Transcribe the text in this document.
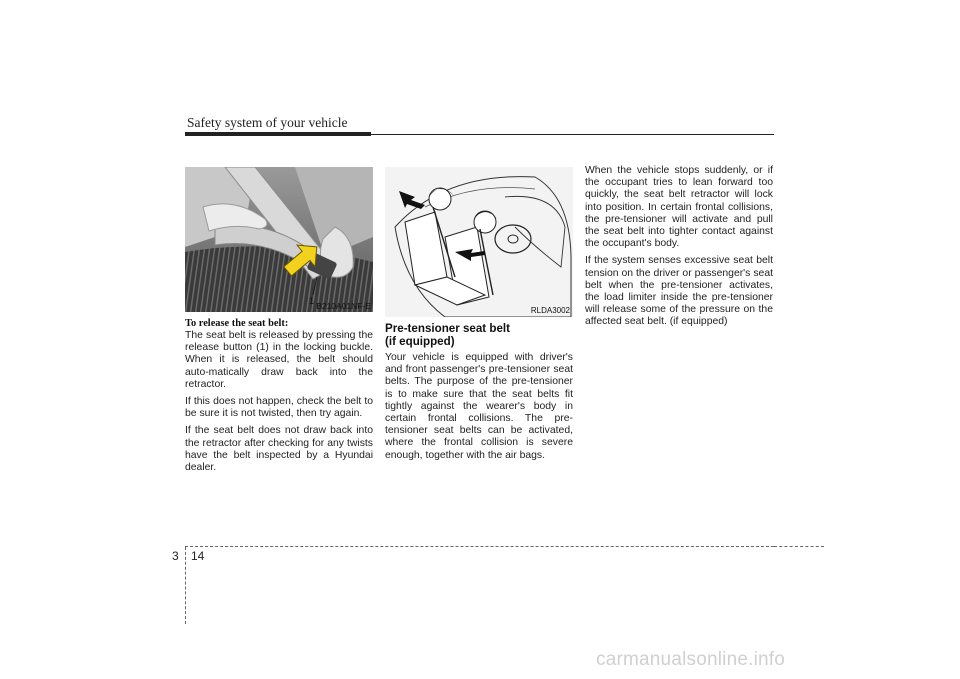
Safety system of your vehicle
1 B210A01NF-E
To release the seat belt:

The seat belt is released by pressing the release button (1) in the locking buckle. When it is released, the belt should auto-matically draw back into the retractor.

If this does not happen, check the belt to be sure it is not twisted, then try again.

If the seat belt does not draw back into the retractor after checking for any twists have the belt inspected by a Hyundai dealer.

RLDA3002
Pre-tensioner seat belt
(if equipped)

Your vehicle is equipped with driver's and front passenger's pre-tensioner seat belts. The purpose of the pre-tensioner is to make sure that the seat belts fit tightly against the wearer's body in certain frontal collisions. The pre-tensioner seat belts can be activated, where the frontal collision is severe enough, together with the air bags.

When the vehicle stops suddenly, or if the occupant tries to lean forward too quickly, the seat belt retractor will lock into position. In certain frontal collisions, the pre-tensioner will activate and pull the seat belt into tighter contact against the occupant's body.

If the system senses excessive seat belt tension on the driver or passenger's seat belt when the pre-tensioner activates, the load limiter inside the pre-tensioner will release some of the pressure on the affected seat belt. (if equipped)

3 14
carmanualsonline.info
